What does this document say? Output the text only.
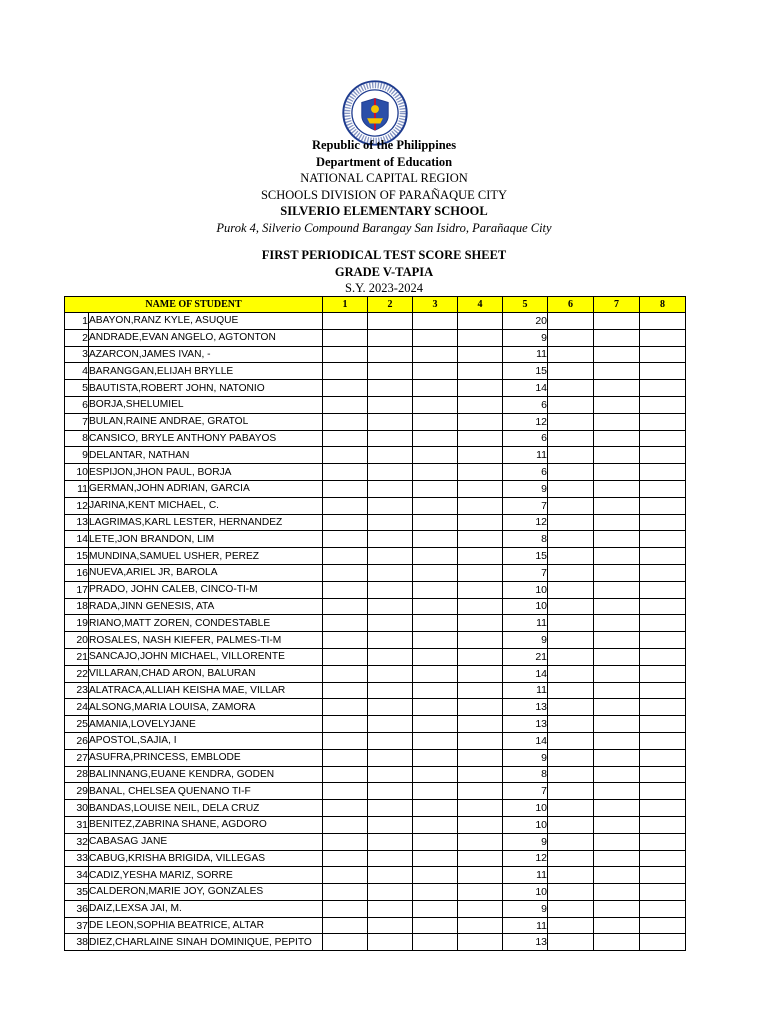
Republic of the Philippines
Department of Education
NATIONAL CAPITAL REGION
SCHOOLS DIVISION OF PARAÑAQUE CITY
SILVERIO ELEMENTARY SCHOOL
Purok 4, Silverio Compound Barangay San Isidro, Parañaque City
FIRST PERIODICAL TEST SCORE SHEET
GRADE V-TAPIA
S.Y. 2023-2024
NAME OF STUDENT		1	2	3	4	5	6	7	8
1	ABAYON,RANZ KYLE, ASUQUE					20			
2	ANDRADE,EVAN ANGELO, AGTONTON					9			
3	AZARCON,JAMES IVAN, -					11			
4	BARANGGAN,ELIJAH BRYLLE					15			
5	BAUTISTA,ROBERT JOHN, NATONIO					14			
6	BORJA,SHELUMIEL					6			
7	BULAN,RAINE ANDRAE, GRATOL					12			
8	CANSICO, BRYLE ANTHONY PABAYOS					6			
9	DELANTAR, NATHAN					11			
10	ESPIJON,JHON PAUL, BORJA					6			
11	GERMAN,JOHN ADRIAN, GARCIA					9			
12	JARINA,KENT MICHAEL, C.					7			
13	LAGRIMAS,KARL LESTER, HERNANDEZ					12			
14	LETE,JON BRANDON, LIM					8			
15	MUNDINA,SAMUEL USHER, PEREZ					15			
16	NUEVA,ARIEL JR, BAROLA					7			
17	PRADO, JOHN CALEB, CINCO-TI-M					10			
18	RADA,JINN GENESIS, ATA					10			
19	RIANO,MATT ZOREN, CONDESTABLE					11			
20	ROSALES, NASH KIEFER, PALMES-TI-M					9			
21	SANCAJO,JOHN MICHAEL, VILLORENTE					21			
22	VILLARAN,CHAD ARON, BALURAN					14			
23	ALATRACA,ALLIAH KEISHA MAE, VILLAR					11			
24	ALSONG,MARIA LOUISA, ZAMORA					13			
25	AMANIA,LOVELYJANE					13			
26	APOSTOL,SAJIA, I					14			
27	ASUFRA,PRINCESS, EMBLODE					9			
28	BALINNANG,EUANE KENDRA, GODEN					8			
29	BANAL, CHELSEA QUENANO TI-F					7			
30	BANDAS,LOUISE NEIL, DELA CRUZ					10			
31	BENITEZ,ZABRINA SHANE, AGDORO					10			
32	CABASAG JANE					9			
33	CABUG,KRISHA BRIGIDA, VILLEGAS					12			
34	CADIZ,YESHA MARIZ, SORRE					11			
35	CALDERON,MARIE JOY, GONZALES					10			
36	DAIZ,LEXSA JAI, M.					9			
37	DE LEON,SOPHIA BEATRICE, ALTAR					11			
38	DIEZ,CHARLAINE SINAH DOMINIQUE, PEPITO					13			
